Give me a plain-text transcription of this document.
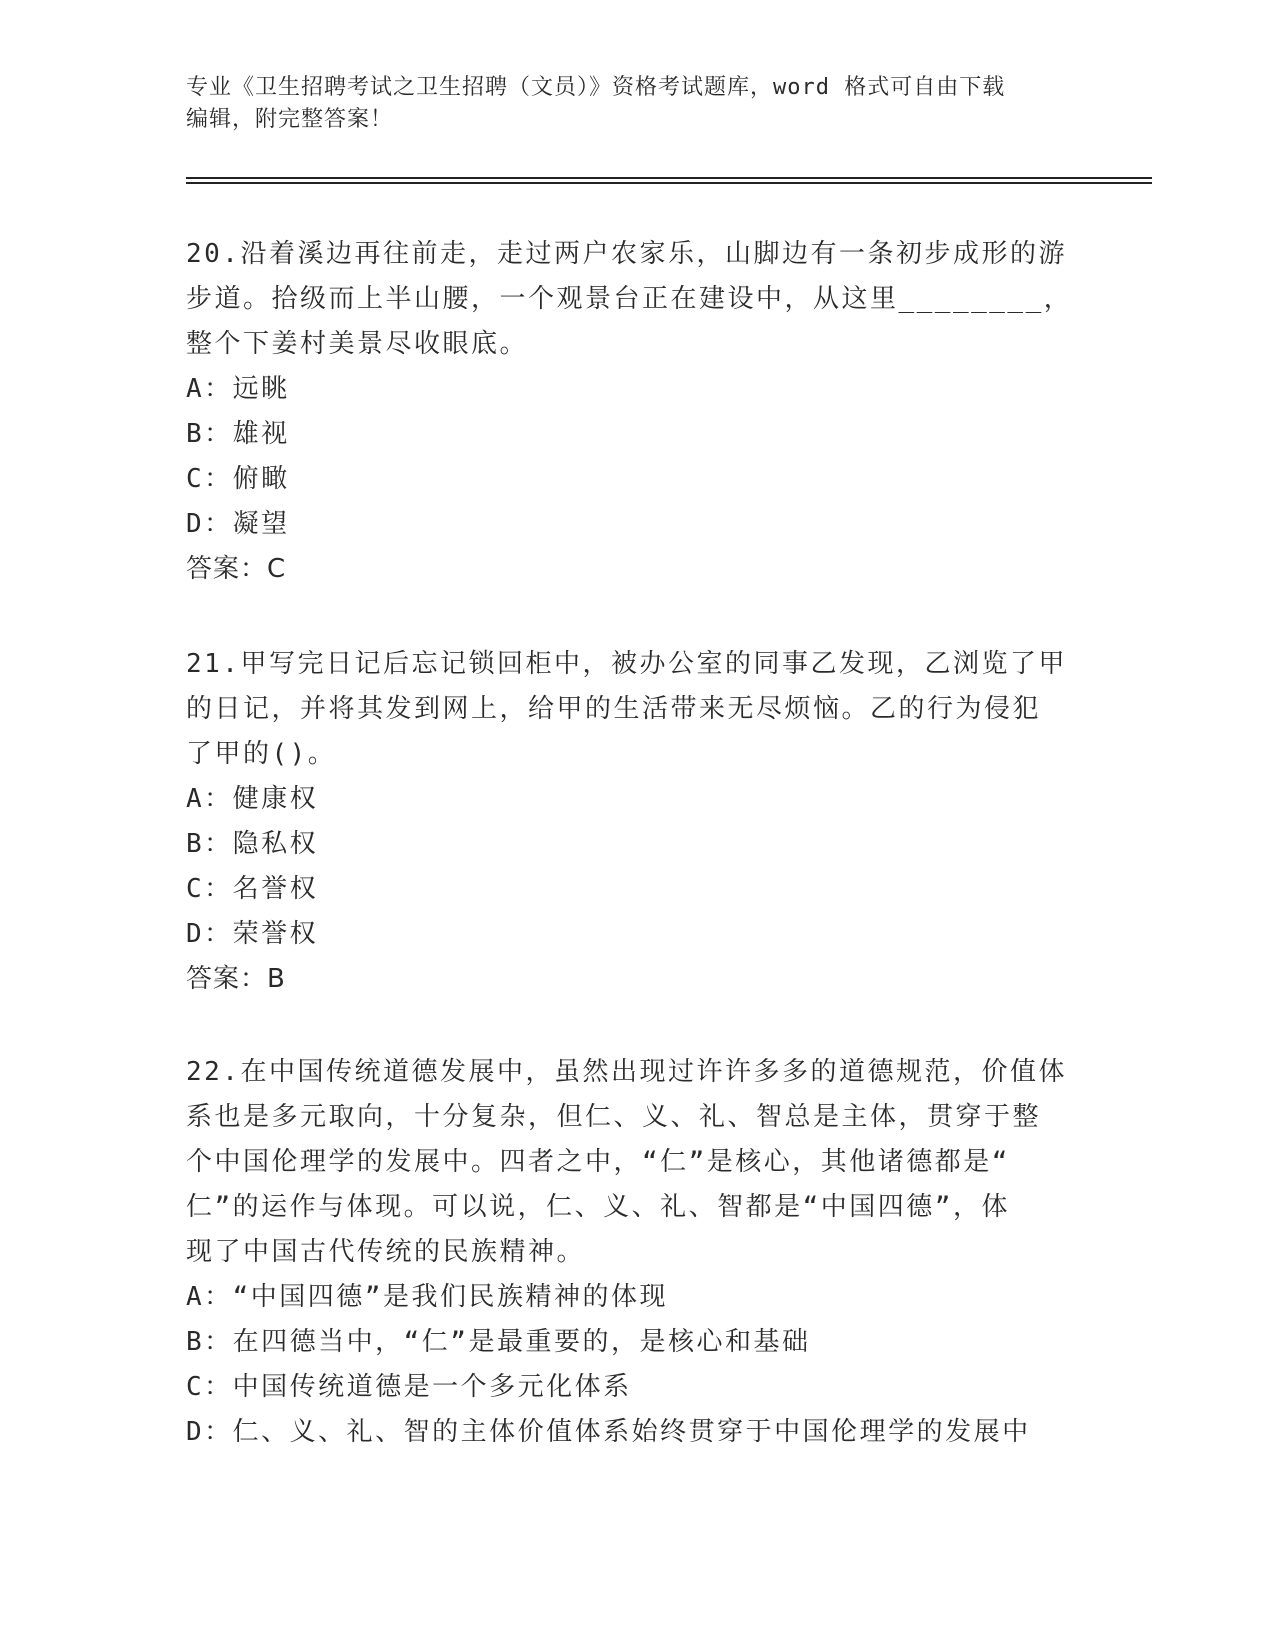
专业《卫生招聘考试之卫生招聘（文员）》资格考试题库，word 格式可自由下载
编辑，附完整答案！
20.沿着溪边再往前走，走过两户农家乐，山脚边有一条初步成形的游
步道。拾级而上半山腰，一个观景台正在建设中，从这里________，
整个下姜村美景尽收眼底。
A：远眺
B：雄视
C：俯瞰
D：凝望
答案：C
21.甲写完日记后忘记锁回柜中，被办公室的同事乙发现，乙浏览了甲
的日记，并将其发到网上，给甲的生活带来无尽烦恼。乙的行为侵犯
了甲的()。
A：健康权
B：隐私权
C：名誉权
D：荣誉权
答案：B
22.在中国传统道德发展中，虽然出现过许许多多的道德规范，价值体
系也是多元取向，十分复杂，但仁、义、礼、智总是主体，贯穿于整
个中国伦理学的发展中。四者之中，“仁”是核心，其他诸德都是“
仁”的运作与体现。可以说，仁、义、礼、智都是“中国四德”，体
现了中国古代传统的民族精神。
A：“中国四德”是我们民族精神的体现
B：在四德当中，“仁”是最重要的，是核心和基础
C：中国传统道德是一个多元化体系
D：仁、义、礼、智的主体价值体系始终贯穿于中国伦理学的发展中
